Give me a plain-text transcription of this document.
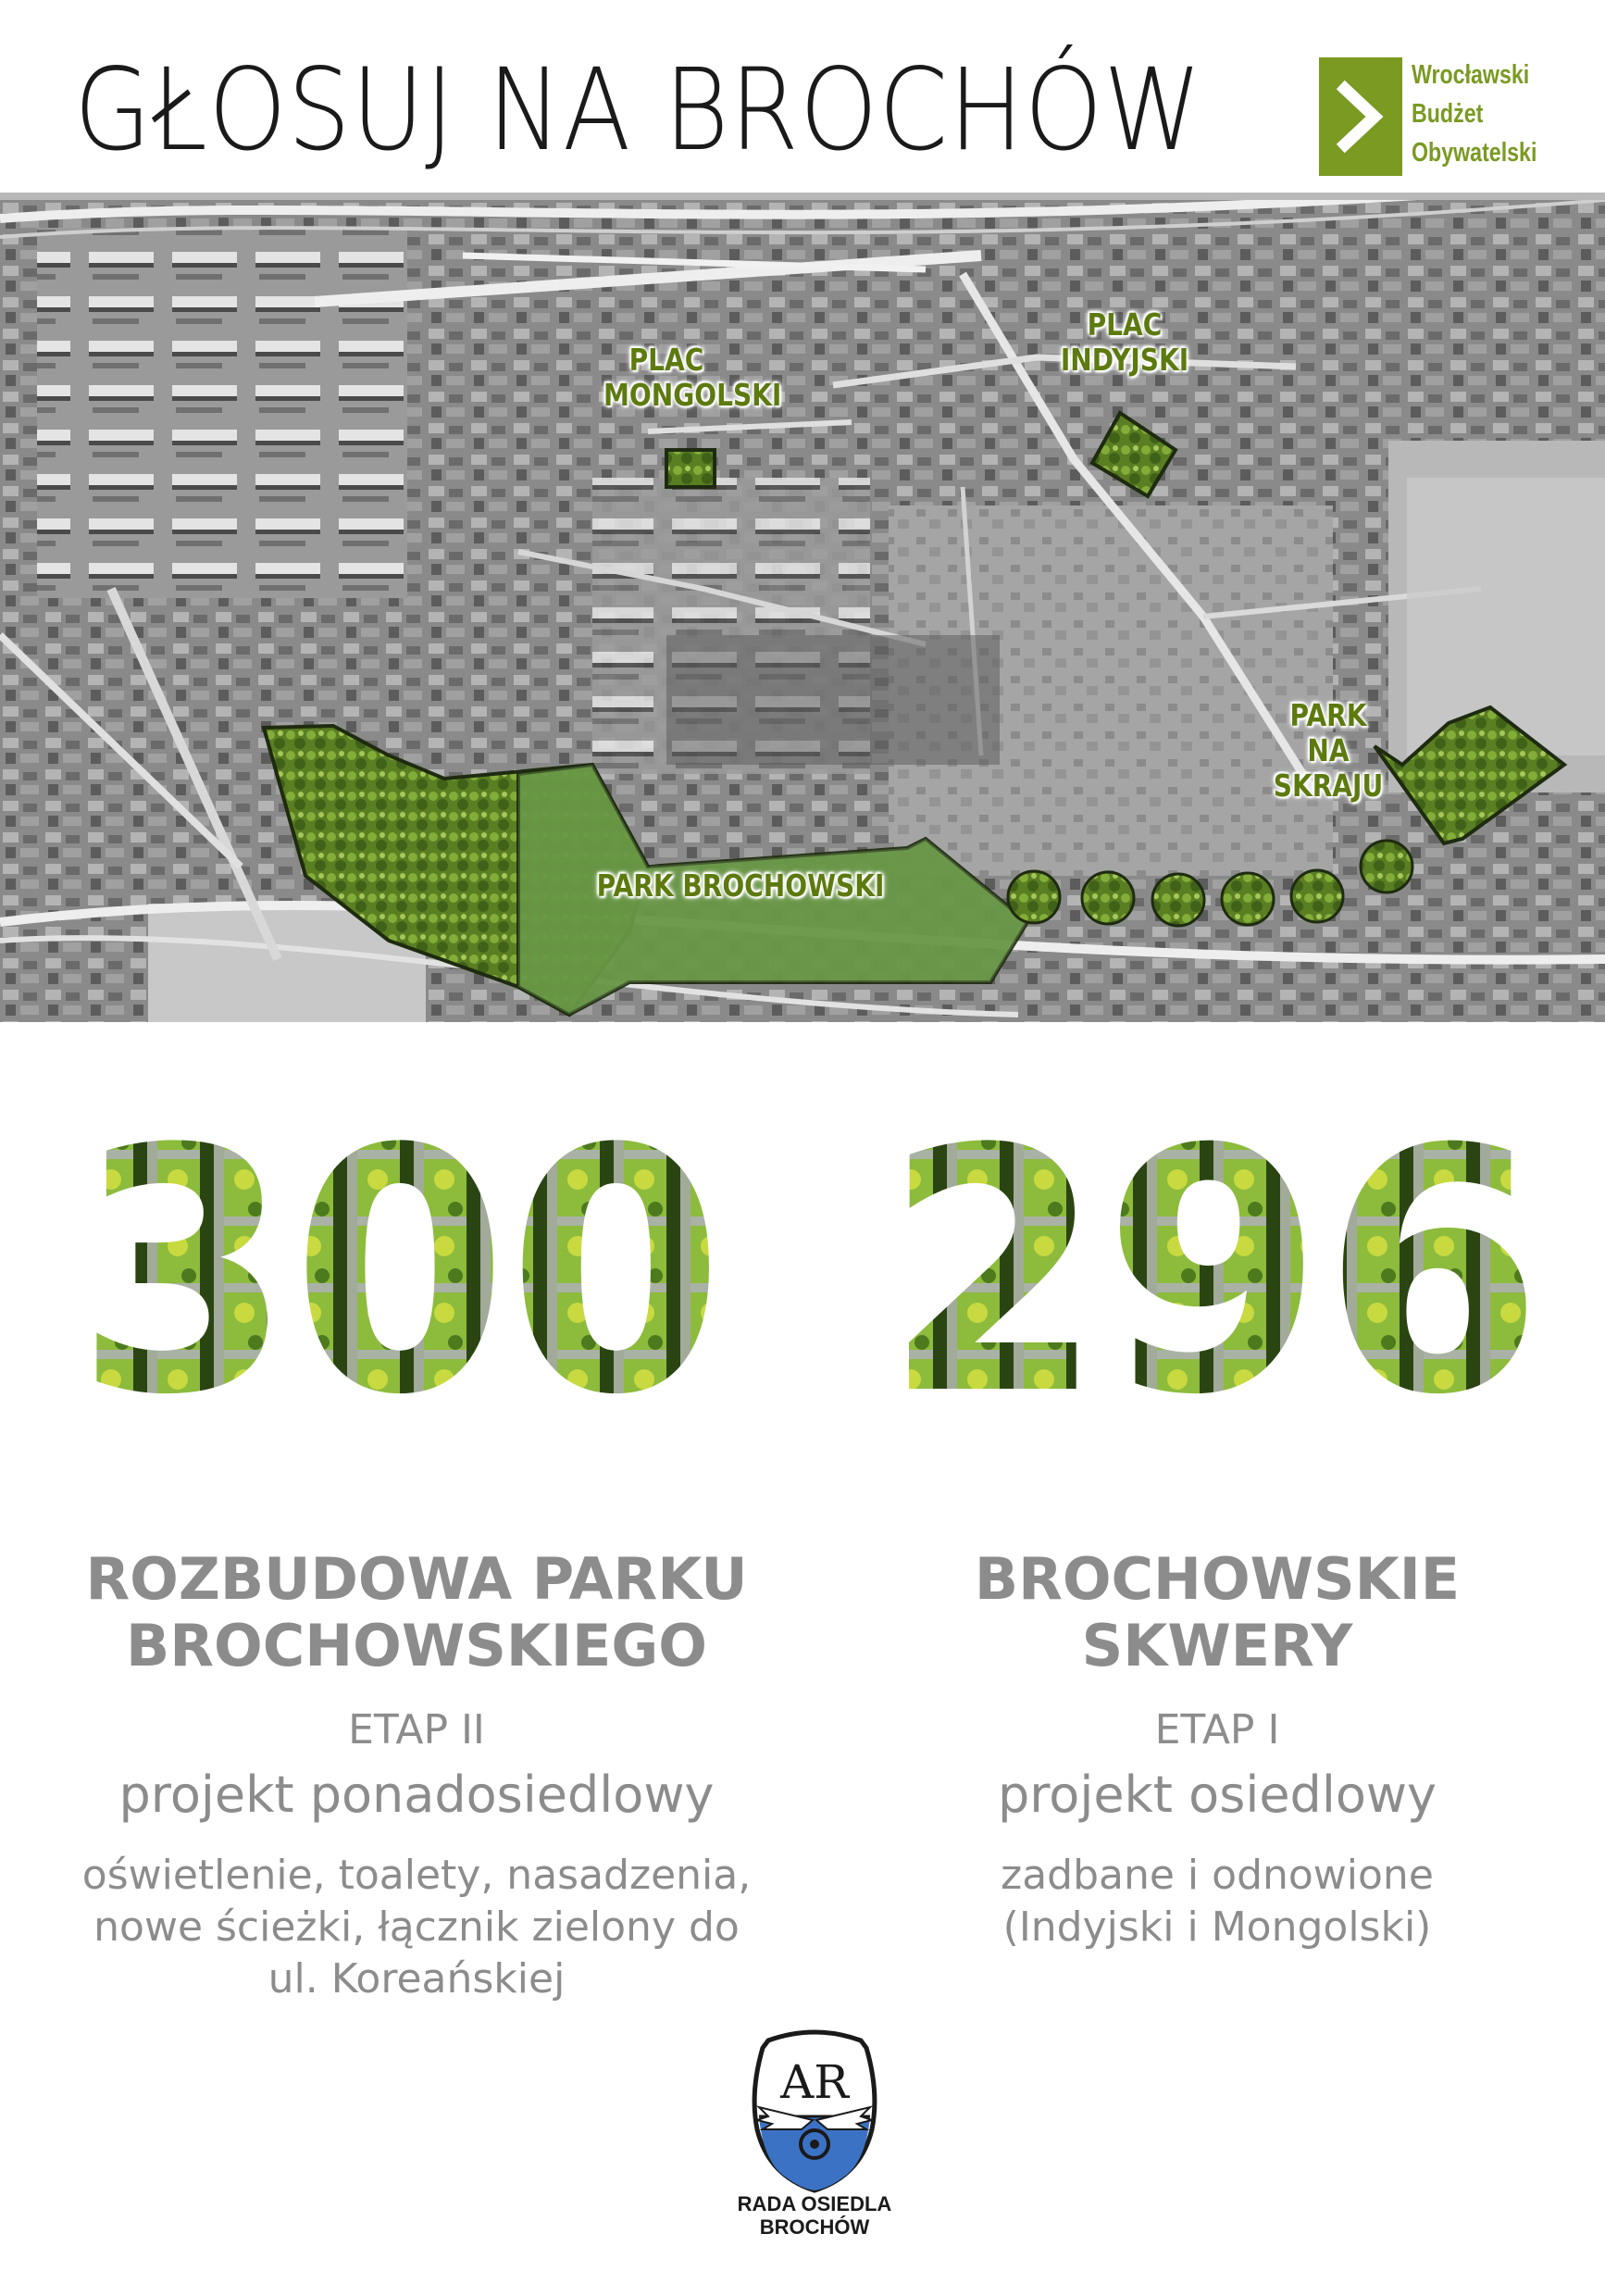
GŁOSUJ NA BROCHÓW	Wrocławski
Budżet
Obywatelski
PLAC
MONGOLSKI
PLAC
INDYJSKI
PARK
NA
SKRAJU
PARK BROCHOWSKI
300 296
ROZBUDOWA PARKU
BROCHOWSKIEGO
ETAP II
projekt ponadosiedlowy
oświetlenie, toalety, nasadzenia,
nowe ścieżki, łącznik zielony do
ul. Koreańskiej
BROCHOWSKIE
SKWERY
ETAP I
projekt osiedlowy
zadbane i odnowione
(Indyjski i Mongolski)
AR
RADA OSIEDLA
BROCHÓW
